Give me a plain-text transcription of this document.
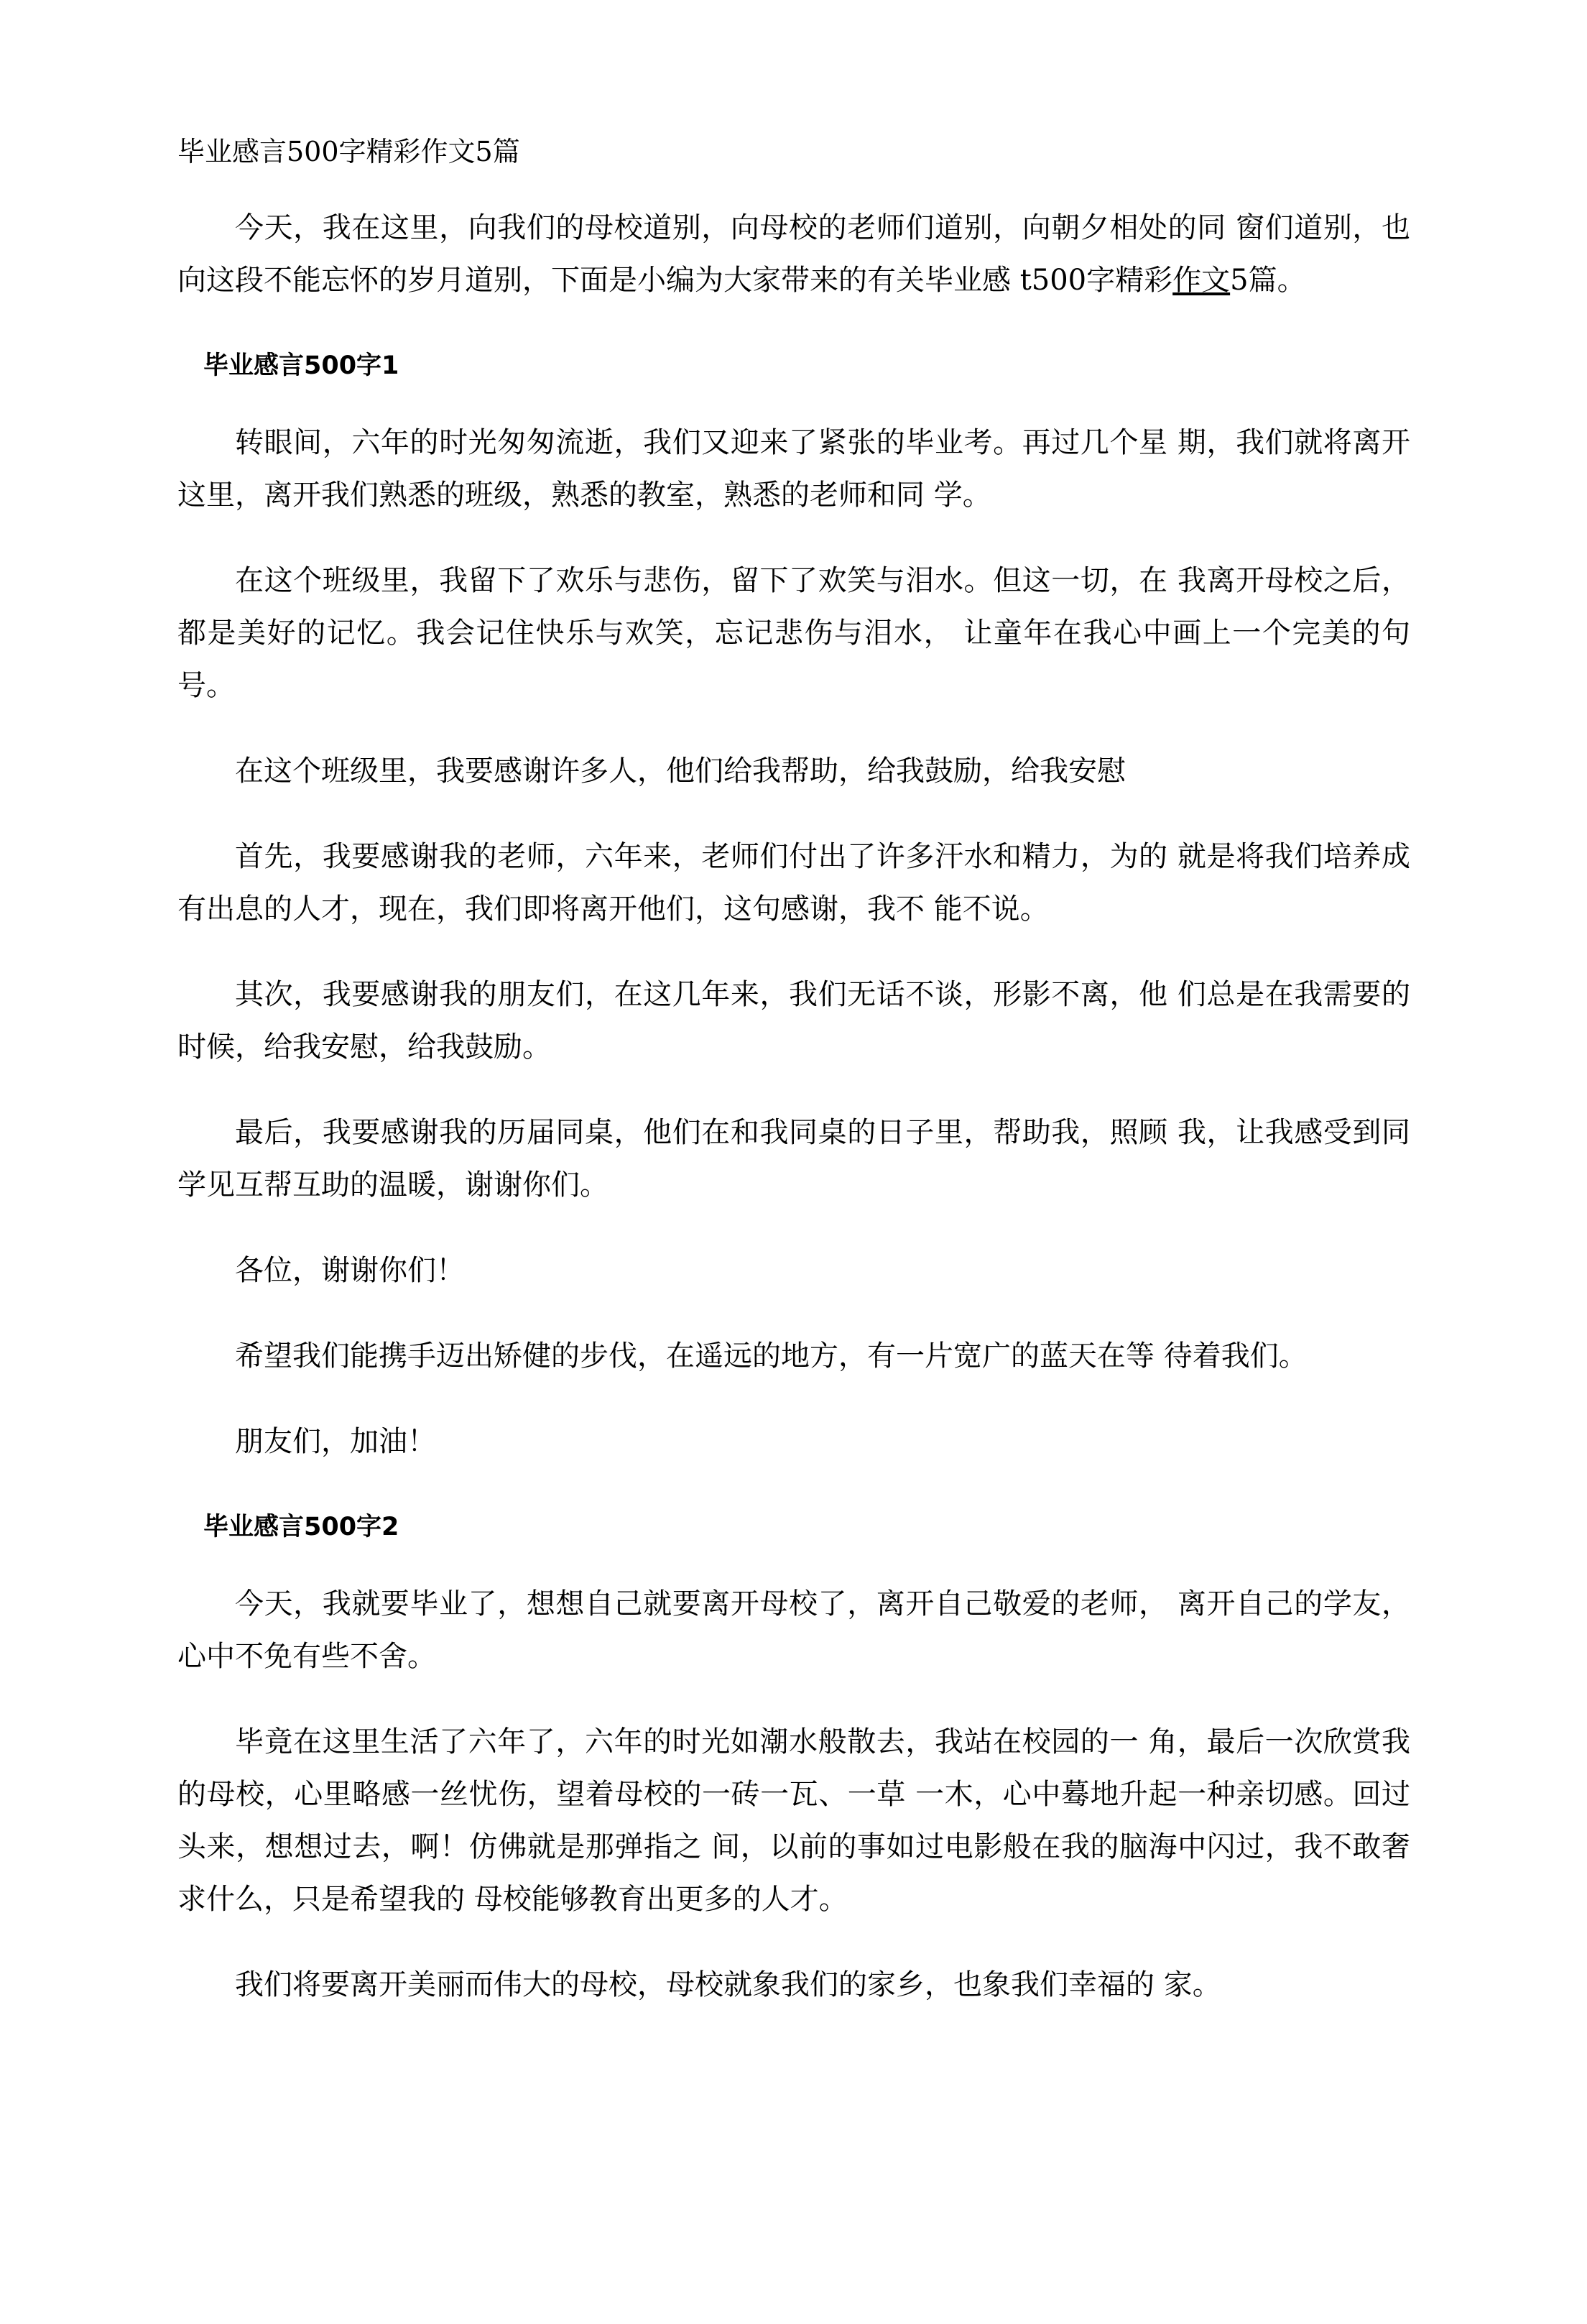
毕业感言500字精彩作文5篇

今天，我在这里，向我们的母校道别，向母校的老师们道别，向朝夕相处的同 窗们道别，也向这段不能忘怀的岁月道别，下面是小编为大家带来的有关毕业感 t500字精彩作文5篇。

毕业感言500字1

转眼间，六年的时光匆匆流逝，我们又迎来了紧张的毕业考。再过几个星 期，我们就将离开这里，离开我们熟悉的班级，熟悉的教室，熟悉的老师和同 学。

在这个班级里，我留下了欢乐与悲伤，留下了欢笑与泪水。但这一切，在 我离开母校之后，都是美好的记忆。我会记住快乐与欢笑，忘记悲伤与泪水， 让童年在我心中画上一个完美的句号。

在这个班级里，我要感谢许多人，他们给我帮助，给我鼓励，给我安慰

首先，我要感谢我的老师，六年来，老师们付出了许多汗水和精力，为的 就是将我们培养成有出息的人才，现在，我们即将离开他们，这句感谢，我不 能不说。

其次，我要感谢我的朋友们，在这几年来，我们无话不谈，形影不离，他 们总是在我需要的时候，给我安慰，给我鼓励。

最后，我要感谢我的历届同桌，他们在和我同桌的日子里，帮助我，照顾 我，让我感受到同学见互帮互助的温暖，谢谢你们。

各位，谢谢你们！

希望我们能携手迈出矫健的步伐，在遥远的地方，有一片宽广的蓝天在等 待着我们。

朋友们，加油！

毕业感言500字2

今天，我就要毕业了，想想自己就要离开母校了，离开自己敬爱的老师， 离开自己的学友，心中不免有些不舍。

毕竟在这里生活了六年了，六年的时光如潮水般散去，我站在校园的一 角，最后一次欣赏我的母校，心里略感一丝忧伤，望着母校的一砖一瓦、一草 一木，心中蓦地升起一种亲切感。回过头来，想想过去，啊！仿佛就是那弹指之 间，以前的事如过电影般在我的脑海中闪过，我不敢奢求什么，只是希望我的 母校能够教育出更多的人才。

我们将要离开美丽而伟大的母校，母校就象我们的家乡，也象我们幸福的 家。
